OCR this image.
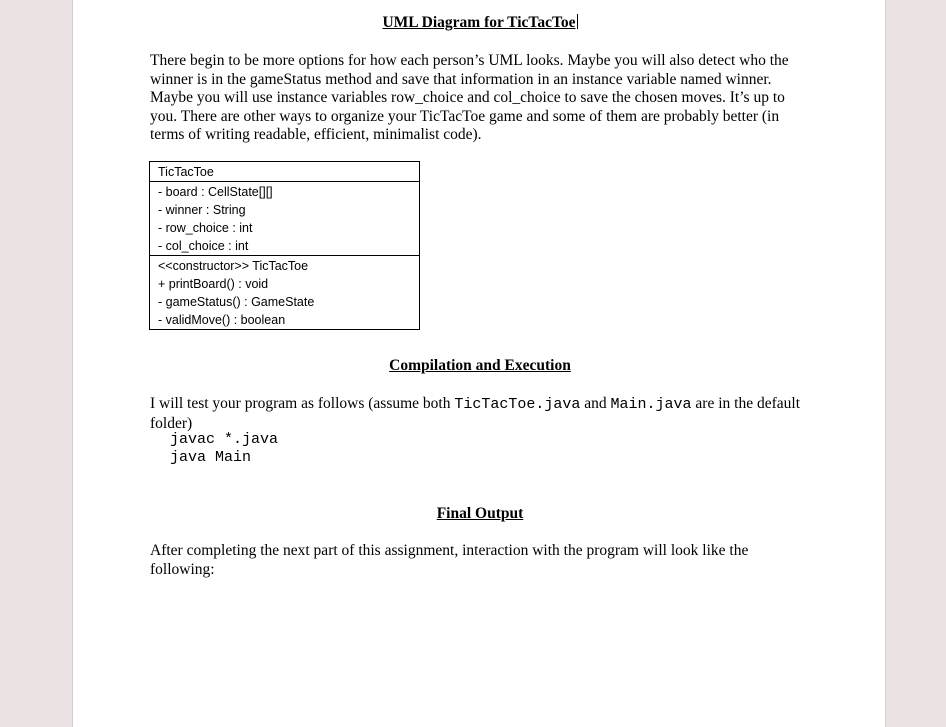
UML Diagram for TicTacToe

There begin to be more options for how each person’s UML looks. Maybe you will also detect who the winner is in the gameStatus method and save that information in an instance variable named winner. Maybe you will use instance variables row_choice and col_choice to save the chosen moves. It’s up to you. There are other ways to organize your TicTacToe game and some of them are probably better (in terms of writing readable, efficient, minimalist code).

TicTacToe
- board : CellState[][]
- winner : String
- row_choice : int
- col_choice : int
<<constructor>> TicTacToe
+ printBoard() : void
- gameStatus() : GameState
- validMove() : boolean
Compilation and Execution

I will test your program as follows (assume both TicTacToe.java and Main.java are in the default folder)

javac *.java
java Main
Final Output

After completing the next part of this assignment, interaction with the program will look like the following:
